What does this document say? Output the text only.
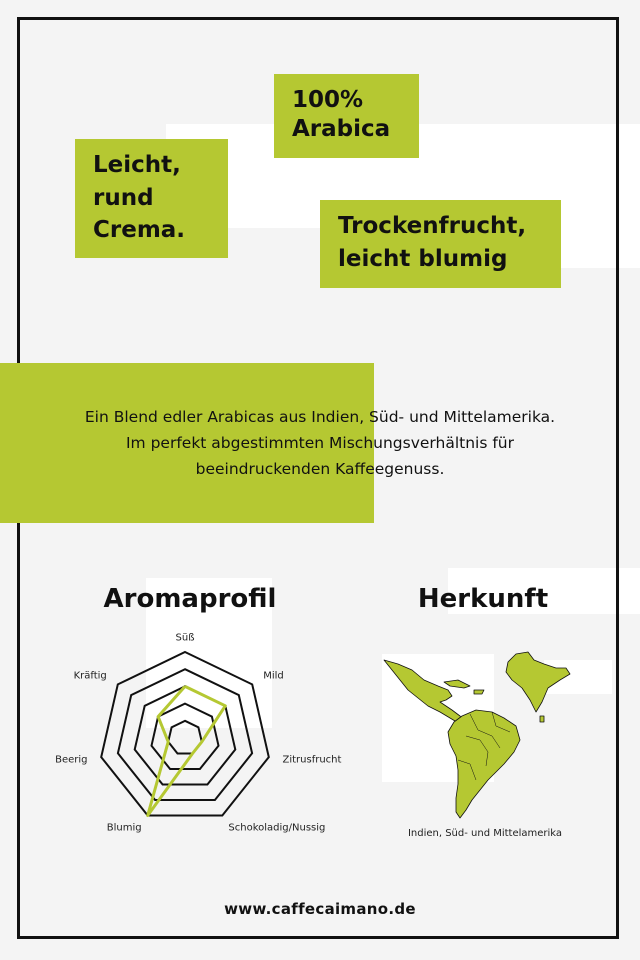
100%
Arabica
Leicht,
rund
Crema.	Trockenfrucht,
leicht blumig
Ein Blend edler Arabicas aus Indien, Süd- und Mittelamerika.
Im perfekt abgestimmten Mischungsverhältnis für
beeindruckenden Kaffeegenuss.
Aromaprofil	Herkunft
Süß
Mild
Zitrusfrucht
Schokoladig/Nussig
Blumig
Beerig
Kräftig
Indien, Süd- und Mittelamerika
www.caffecaimano.de
